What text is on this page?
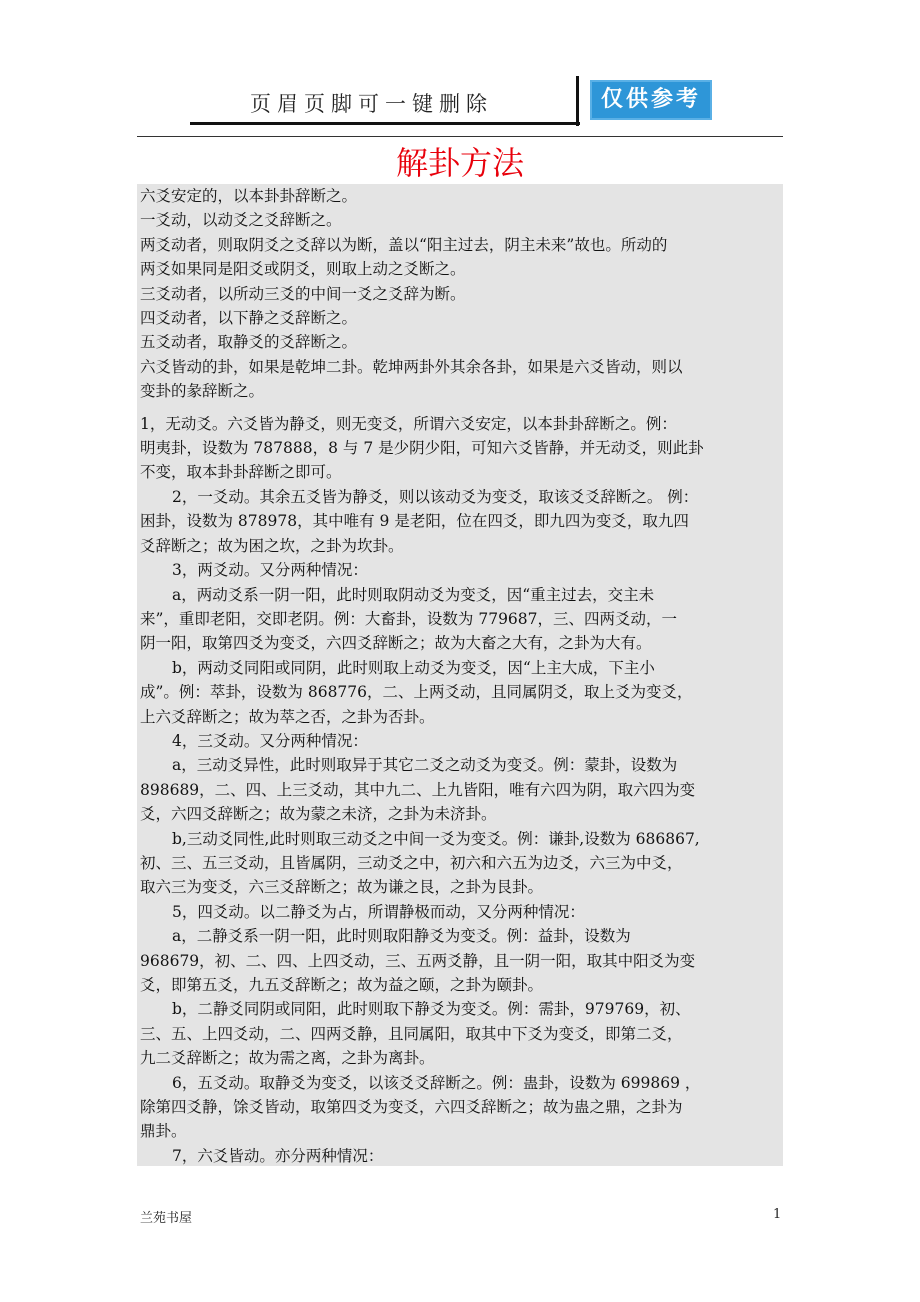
页眉页脚可一键删除	仅供参考
解卦方法
六爻安定的，以本卦卦辞断之。
一爻动，以动爻之爻辞断之。
两爻动者，则取阴爻之爻辞以为断，盖以“阳主过去，阴主未来”故也。所动的
两爻如果同是阳爻或阴爻，则取上动之爻断之。
三爻动者，以所动三爻的中间一爻之爻辞为断。
四爻动者，以下静之爻辞断之。
五爻动者，取静爻的爻辞断之。
六爻皆动的卦，如果是乾坤二卦。乾坤两卦外其余各卦，如果是六爻皆动，则以
变卦的彖辞断之。
1，无动爻。六爻皆为静爻，则无变爻，所谓六爻安定，以本卦卦辞断之。例：
明夷卦，设数为 787888，8 与 7 是少阴少阳，可知六爻皆静，并无动爻，则此卦
不变，取本卦卦辞断之即可。
2，一爻动。其余五爻皆为静爻，则以该动爻为变爻，取该爻爻辞断之。 例：
困卦，设数为 878978，其中唯有 9 是老阳，位在四爻，即九四为变爻，取九四
爻辞断之；故为困之坎，之卦为坎卦。
3，两爻动。又分两种情况：
a，两动爻系一阴一阳，此时则取阴动爻为变爻，因“重主过去，交主未
来”，重即老阳，交即老阴。例：大畜卦，设数为 779687，三、四两爻动，一
阴一阳，取第四爻为变爻，六四爻辞断之；故为大畜之大有，之卦为大有。
b，两动爻同阳或同阴，此时则取上动爻为变爻，因“上主大成，下主小
成”。例：萃卦，设数为 868776，二、上两爻动，且同属阴爻，取上爻为变爻，
上六爻辞断之；故为萃之否，之卦为否卦。
4，三爻动。又分两种情况：
a，三动爻异性，此时则取异于其它二爻之动爻为变爻。例：蒙卦，设数为
898689，二、四、上三爻动，其中九二、上九皆阳，唯有六四为阴，取六四为变
爻，六四爻辞断之；故为蒙之未济，之卦为未济卦。
b,三动爻同性,此时则取三动爻之中间一爻为变爻。例：谦卦,设数为 686867,
初、三、五三爻动，且皆属阴，三动爻之中，初六和六五为边爻，六三为中爻，
取六三为变爻，六三爻辞断之；故为谦之艮，之卦为艮卦。
5，四爻动。以二静爻为占，所谓静极而动，又分两种情况：
a，二静爻系一阴一阳，此时则取阳静爻为变爻。例：益卦，设数为
968679，初、二、四、上四爻动，三、五两爻静，且一阴一阳，取其中阳爻为变
爻，即第五爻，九五爻辞断之；故为益之颐，之卦为颐卦。
b，二静爻同阴或同阳，此时则取下静爻为变爻。例：需卦，979769，初、
三、五、上四爻动，二、四两爻静，且同属阳，取其中下爻为变爻，即第二爻，
九二爻辞断之；故为需之离，之卦为离卦。
6，五爻动。取静爻为变爻，以该爻爻辞断之。例：蛊卦，设数为 699869 ，
除第四爻静，馀爻皆动，取第四爻为变爻，六四爻辞断之；故为蛊之鼎，之卦为
鼎卦。
7，六爻皆动。亦分两种情况：
兰苑书屋	1
